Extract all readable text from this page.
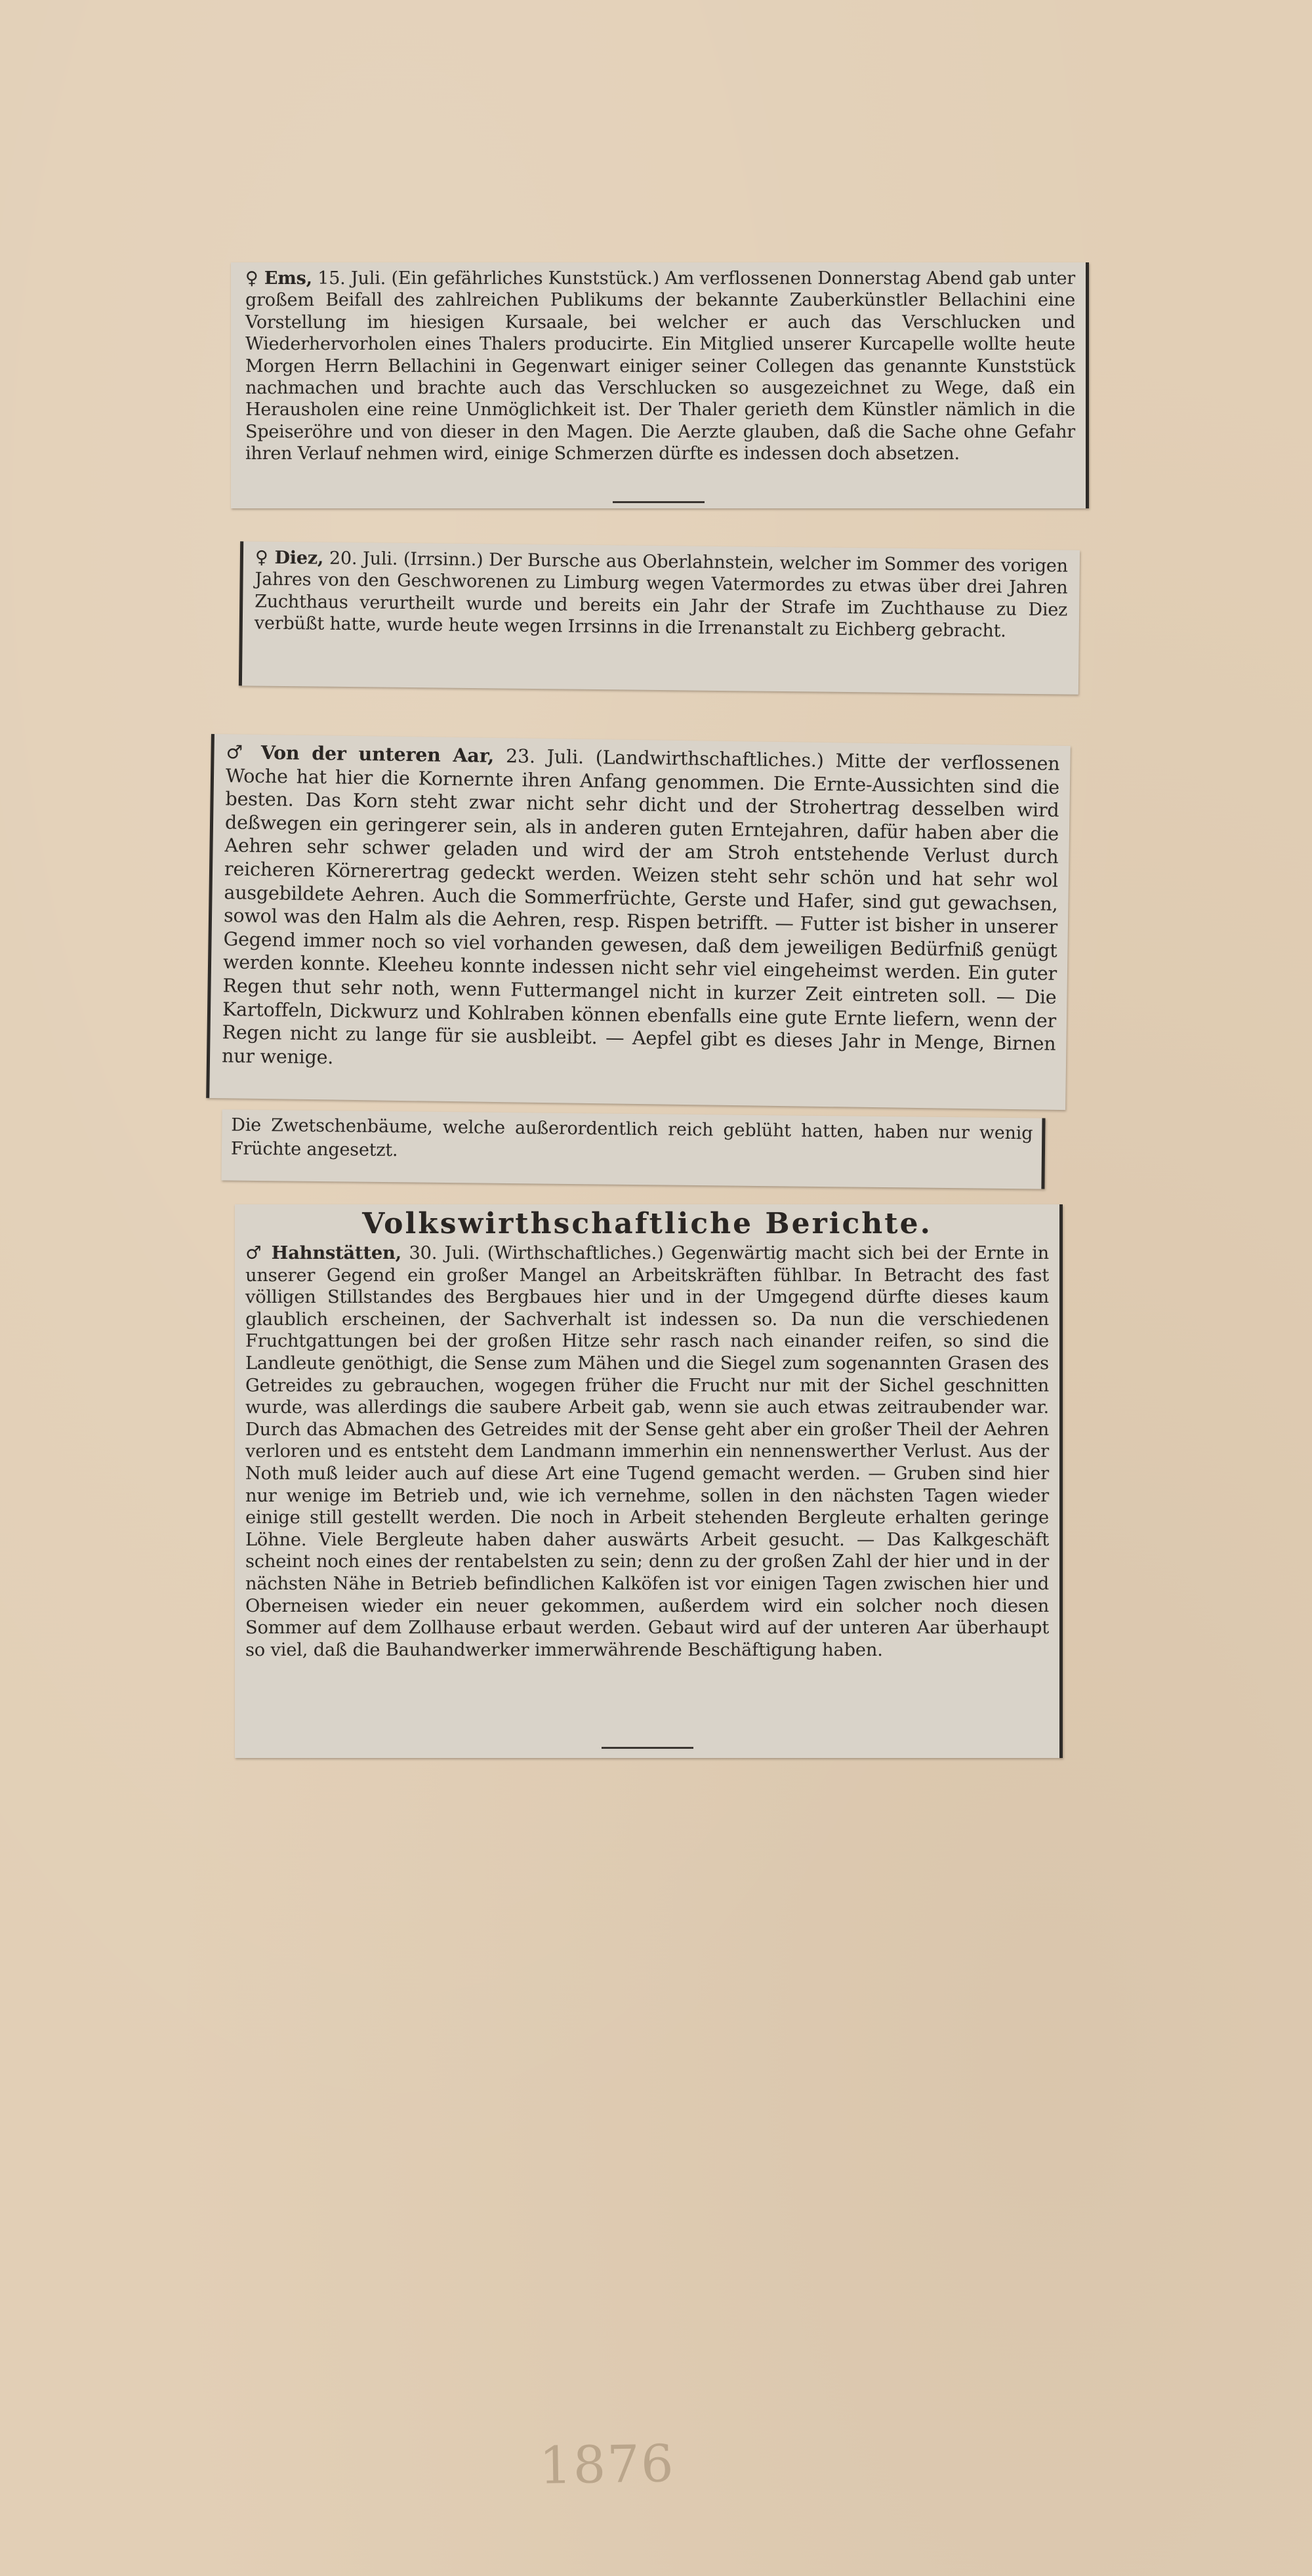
♀ Ems, 15. Juli. (Ein gefährliches Kunststück.) Am verflossenen Donnerstag Abend gab unter großem Beifall des zahlreichen Publikums der bekannte Zauberkünstler Bellachini eine Vorstellung im hiesigen Kursaale, bei welcher er auch das Verschlucken und Wiederhervorholen eines Thalers producirte. Ein Mitglied unserer Kurcapelle wollte heute Morgen Herrn Bellachini in Gegenwart einiger seiner Collegen das genannte Kunststück nachmachen und brachte auch das Verschlucken so ausgezeichnet zu Wege, daß ein Herausholen eine reine Unmöglichkeit ist. Der Thaler gerieth dem Künstler nämlich in die Speiseröhre und von dieser in den Magen. Die Aerzte glauben, daß die Sache ohne Gefahr ihren Verlauf nehmen wird, einige Schmerzen dürfte es indessen doch absetzen.

♀ Diez, 20. Juli. (Irrsinn.) Der Bursche aus Oberlahnstein, welcher im Sommer des vorigen Jahres von den Geschworenen zu Limburg wegen Vatermordes zu etwas über drei Jahren Zuchthaus verurtheilt wurde und bereits ein Jahr der Strafe im Zuchthause zu Diez verbüßt hatte, wurde heute wegen Irrsinns in die Irrenanstalt zu Eichberg gebracht.

♂ Von der unteren Aar, 23. Juli. (Landwirthschaftliches.) Mitte der verflossenen Woche hat hier die Kornernte ihren Anfang genommen. Die Ernte-Aussichten sind die besten. Das Korn steht zwar nicht sehr dicht und der Strohertrag desselben wird deßwegen ein geringerer sein, als in anderen guten Erntejahren, dafür haben aber die Aehren sehr schwer geladen und wird der am Stroh entstehende Verlust durch reicheren Körnerertrag gedeckt werden. Weizen steht sehr schön und hat sehr wol ausgebildete Aehren. Auch die Sommerfrüchte, Gerste und Hafer, sind gut gewachsen, sowol was den Halm als die Aehren, resp. Rispen betrifft. — Futter ist bisher in unserer Gegend immer noch so viel vorhanden gewesen, daß dem jeweiligen Bedürfniß genügt werden konnte. Kleeheu konnte indessen nicht sehr viel eingeheimst werden. Ein guter Regen thut sehr noth, wenn Futtermangel nicht in kurzer Zeit eintreten soll. — Die Kartoffeln, Dickwurz und Kohlraben können ebenfalls eine gute Ernte liefern, wenn der Regen nicht zu lange für sie ausbleibt. — Aepfel gibt es dieses Jahr in Menge, Birnen nur wenige.

Die Zwetschenbäume, welche außerordentlich reich geblüht hatten, haben nur wenig Früchte angesetzt.

Volkswirthschaftliche Berichte.

♂ Hahnstätten, 30. Juli. (Wirthschaftliches.) Gegenwärtig macht sich bei der Ernte in unserer Gegend ein großer Mangel an Arbeitskräften fühlbar. In Betracht des fast völligen Stillstandes des Bergbaues hier und in der Umgegend dürfte dieses kaum glaublich erscheinen, der Sachverhalt ist indessen so. Da nun die verschiedenen Fruchtgattungen bei der großen Hitze sehr rasch nach einander reifen, so sind die Landleute genöthigt, die Sense zum Mähen und die Siegel zum sogenannten Grasen des Getreides zu gebrauchen, wogegen früher die Frucht nur mit der Sichel geschnitten wurde, was allerdings die saubere Arbeit gab, wenn sie auch etwas zeitraubender war. Durch das Abmachen des Getreides mit der Sense geht aber ein großer Theil der Aehren verloren und es entsteht dem Landmann immerhin ein nennenswerther Verlust. Aus der Noth muß leider auch auf diese Art eine Tugend gemacht werden. — Gruben sind hier nur wenige im Betrieb und, wie ich vernehme, sollen in den nächsten Tagen wieder einige still gestellt werden. Die noch in Arbeit stehenden Bergleute erhalten geringe Löhne. Viele Bergleute haben daher auswärts Arbeit gesucht. — Das Kalkgeschäft scheint noch eines der rentabelsten zu sein; denn zu der großen Zahl der hier und in der nächsten Nähe in Betrieb befindlichen Kalköfen ist vor einigen Tagen zwischen hier und Oberneisen wieder ein neuer gekommen, außerdem wird ein solcher noch diesen Sommer auf dem Zollhause erbaut werden. Gebaut wird auf der unteren Aar überhaupt so viel, daß die Bauhandwerker immerwährende Beschäftigung haben.

1876
